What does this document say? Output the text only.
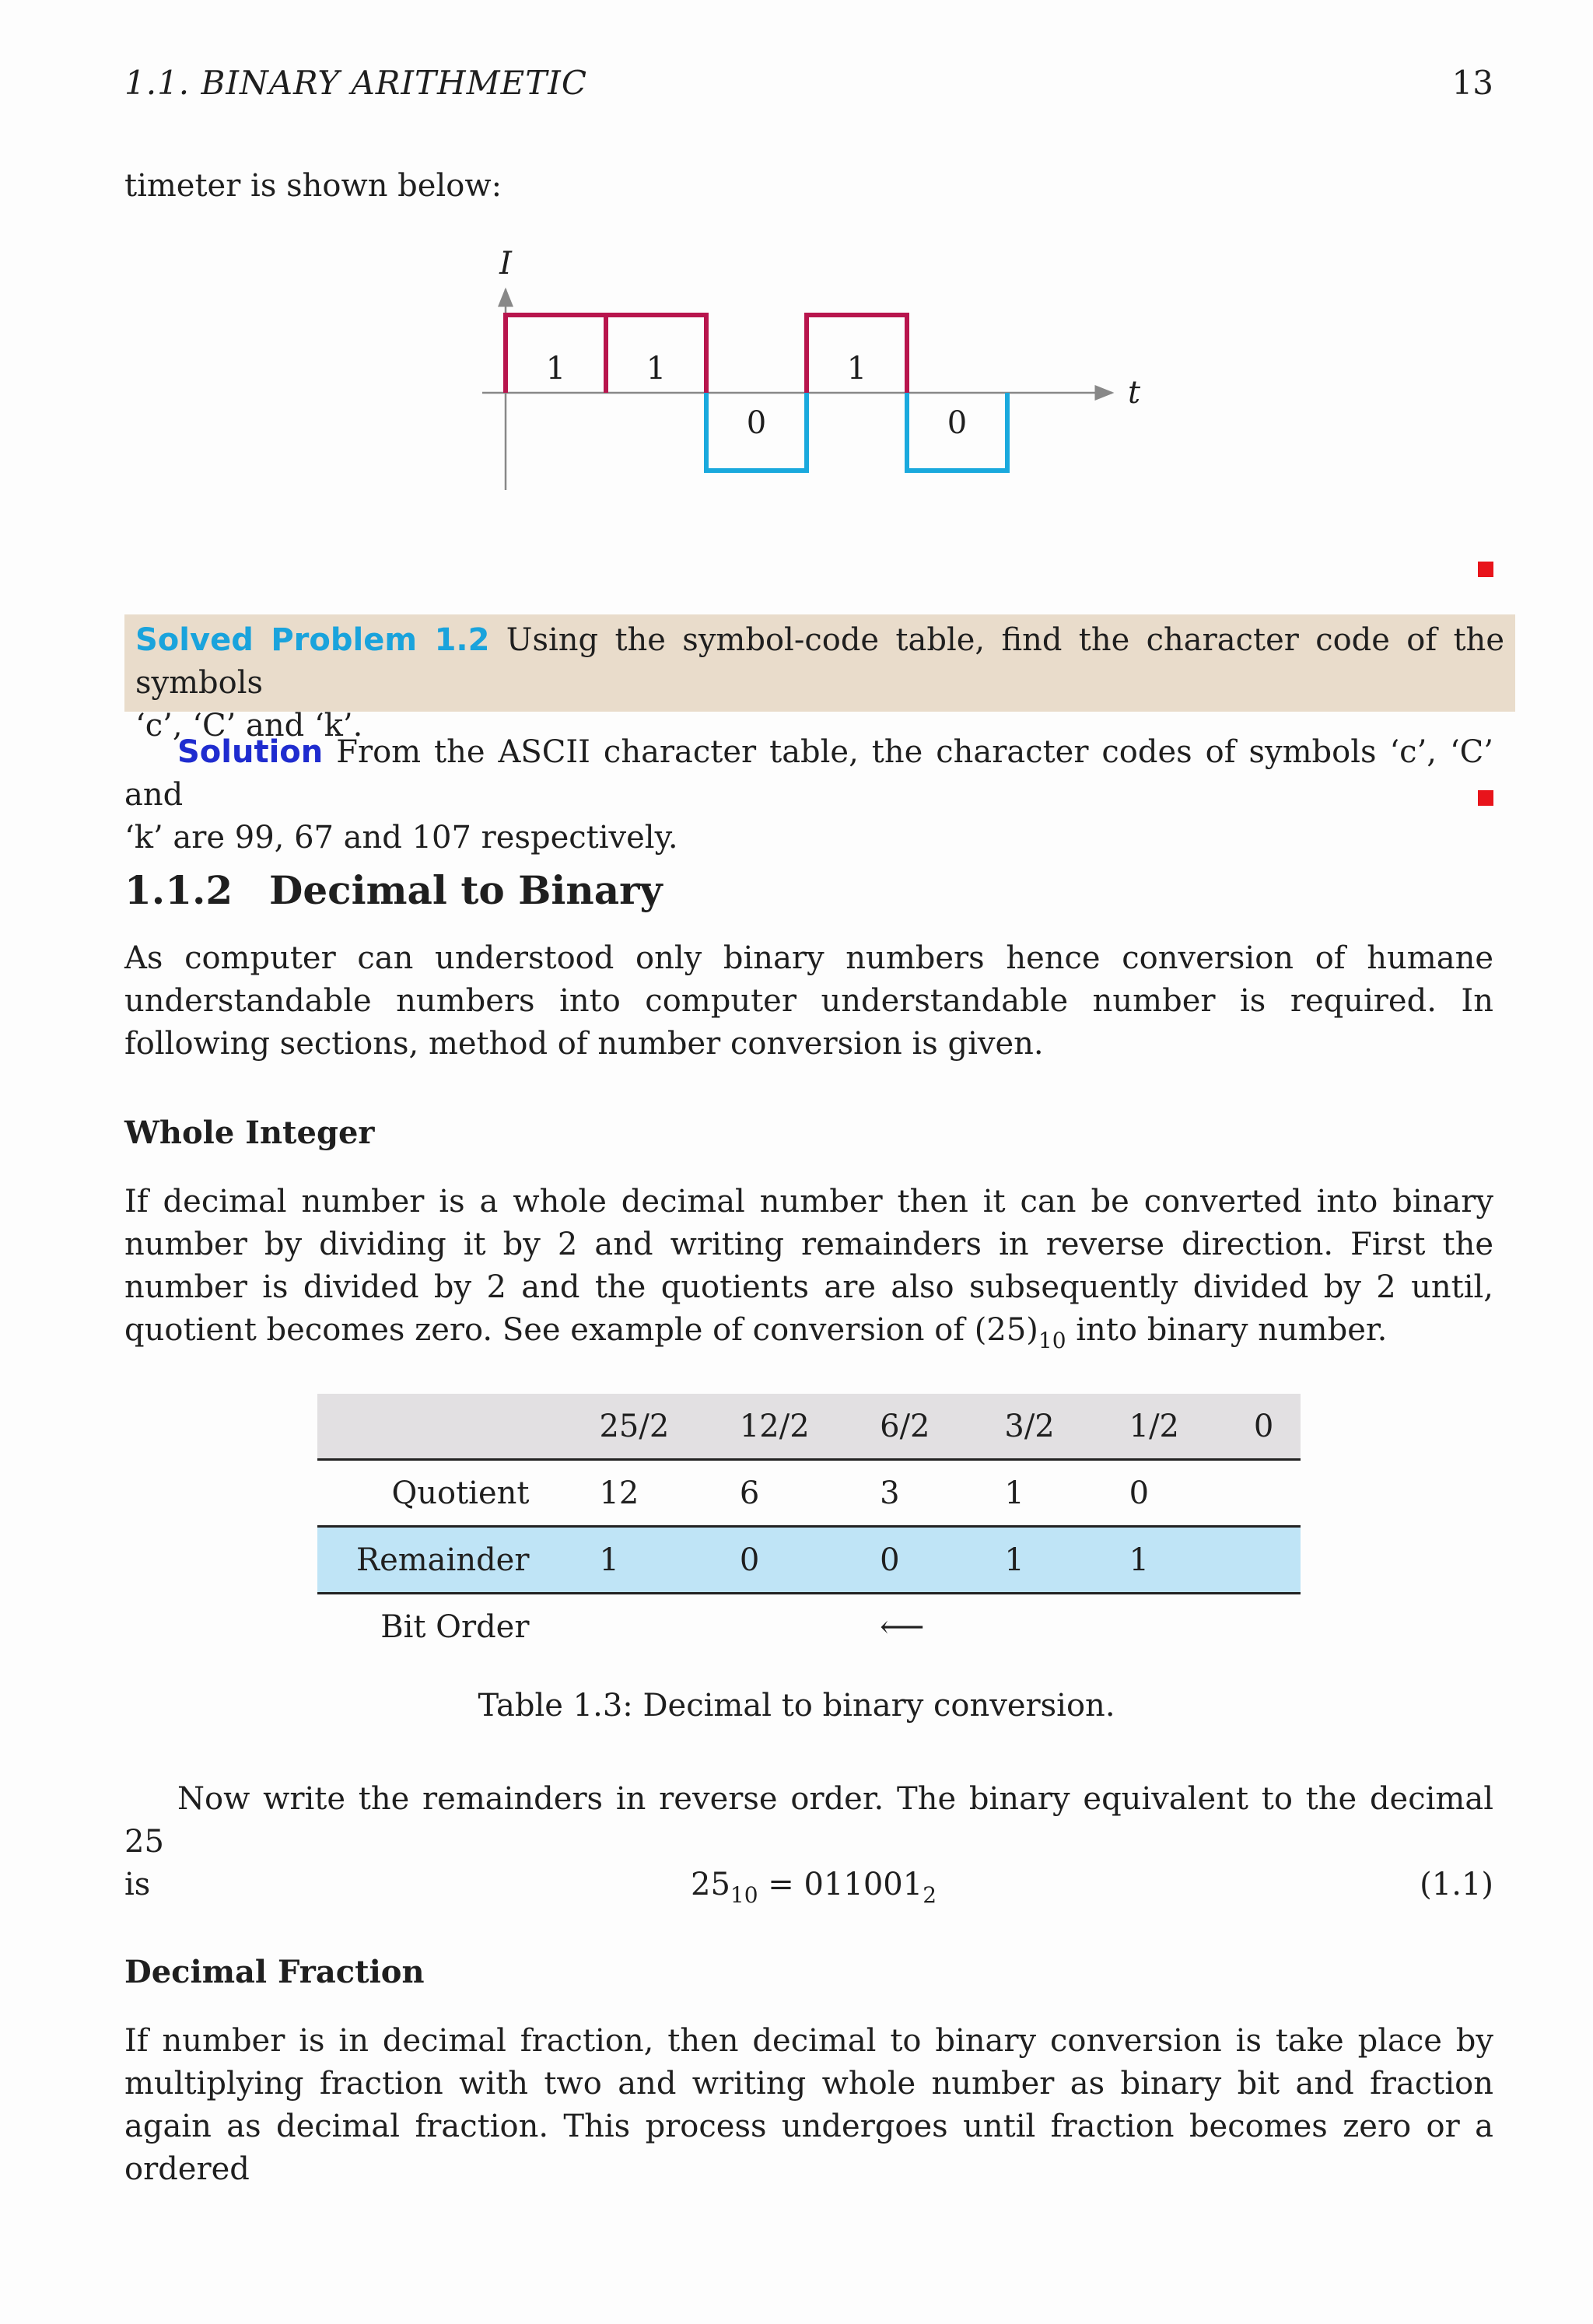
1.1. BINARY ARITHMETIC	13
timeter is shown below:
I
t
1	1
0
1
0
Solved Problem 1.2 Using the symbol-code table, find the character code of the symbols
‘c’, ‘C’ and ‘k’.
Solution From the ASCII character table, the character codes of symbols ‘c’, ‘C’ and
‘k’ are 99, 67 and 107 respectively.
1.1.2 Decimal to Binary
As computer can understood only binary numbers hence conversion of humane understandable numbers into computer understandable number is required. In following sections, method of number conversion is given.
Whole Integer
If decimal number is a whole decimal number then it can be converted into binary number by dividing it by 2 and writing remainders in reverse direction. First the number is divided by 2 and the quotients are also subsequently divided by 2 until, quotient becomes zero. See example of conversion of $(25)_{10}$ into binary number.
	25/2	12/2	6/2	3/2	1/2	0
Quotient	12	6	3	1	0	
Remainder	1	0	0	1	1	
Bit Order			⟵			
Table 1.3: Decimal to binary conversion.
Now write the remainders in reverse order. The binary equivalent to the decimal 25
is	$25_{10} = 011001_2$	(1.1)
Decimal Fraction
If number is in decimal fraction, then decimal to binary conversion is take place by multiplying fraction with two and writing whole number as binary bit and fraction again as decimal fraction. This process undergoes until fraction becomes zero or a ordered
